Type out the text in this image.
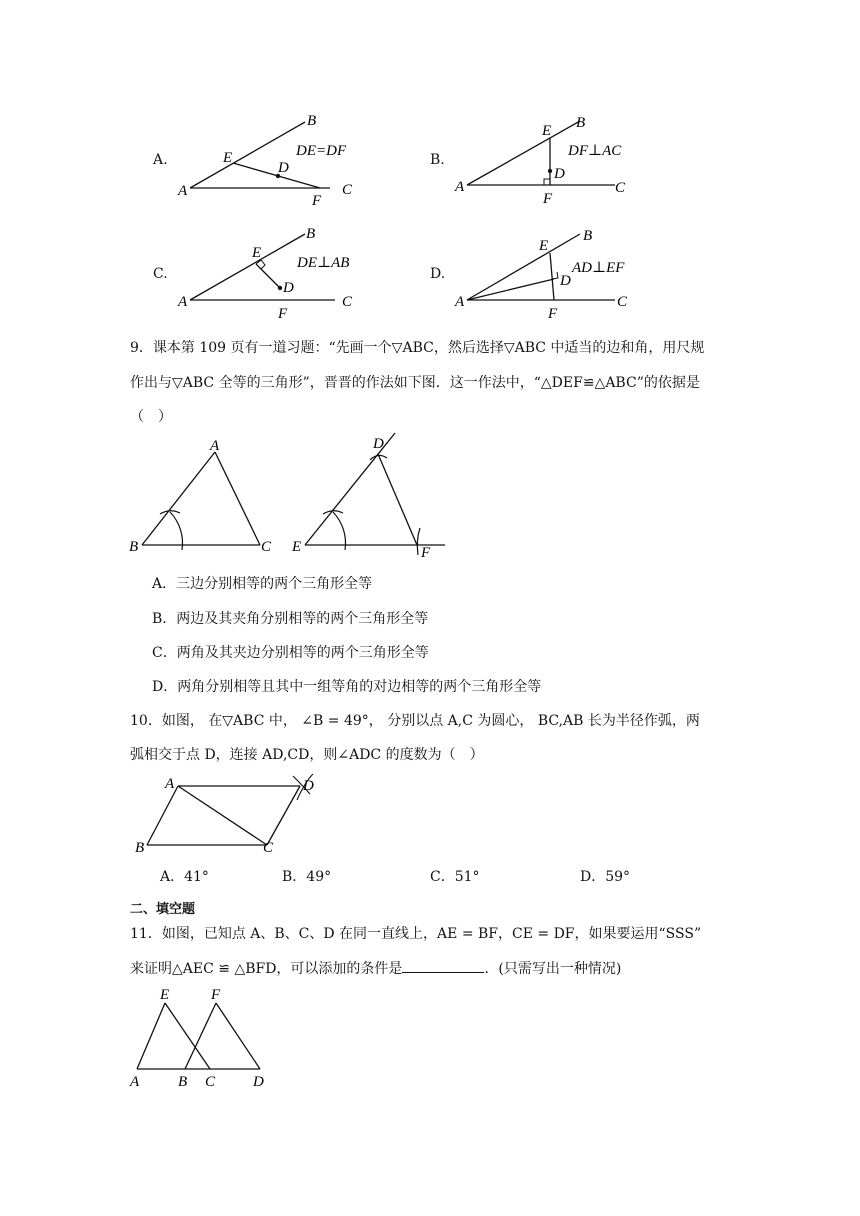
A.
A
B
C
D
E
F
DE=DF
B.
A
B
C
D
E
F
DF⊥AC
C.
A
B
C
D
E
F
DE⊥AB
D.
A
B
C
D
E
F
AD⊥EF
9．课本第 109 页有一道习题：“先画一个▽ABC，然后选择▽ABC 中适当的边和角，用尺规
作出与▽ABC 全等的三角形”，晋晋的作法如下图．这一作法中，“△DEF≌△ABC”的依据是
（　）
B
A
C E
D
F
A．三边分别相等的两个三角形全等
B．两边及其夹角分别相等的两个三角形全等
C．两角及其夹边分别相等的两个三角形全等
D．两角分别相等且其中一组等角的对边相等的两个三角形全等
10．如图， 在▽ABC 中， ∠B = 49°， 分别以点 A,C 为圆心， BC,AB 长为半径作弧，两
弧相交于点 D，连接 AD,CD，则∠ADC 的度数为（　）
A	D
B	C
A．41°	B．49°	C．51°	D．59°
二、填空题
11．如图，已知点 A、B、C、D 在同一直线上，AE = BF，CE = DF，如果要运用“SSS”
来证明△AEC ≌ △BFD，可以添加的条件是	．(只需写出一种情况)
E	F
A	B C	D
